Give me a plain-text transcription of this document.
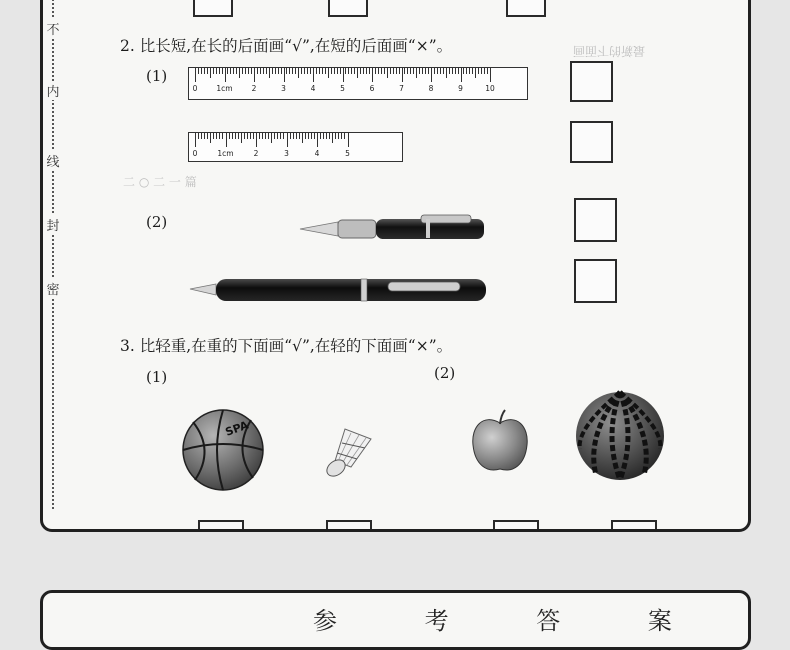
不
内
线
封
密
最新的下面画
二 ○ 二 一 篇
2. 比长短,在长的后面画“√”,在短的后面画“×”。
(1)
(2)
0	1cm	2	3	4	5	6	7	8	9	10
0	1cm	2	3	4	5
3. 比轻重,在重的下面画“√”,在轻的下面画“×”。
(1)	(2)
SPA
参 考 答 案
